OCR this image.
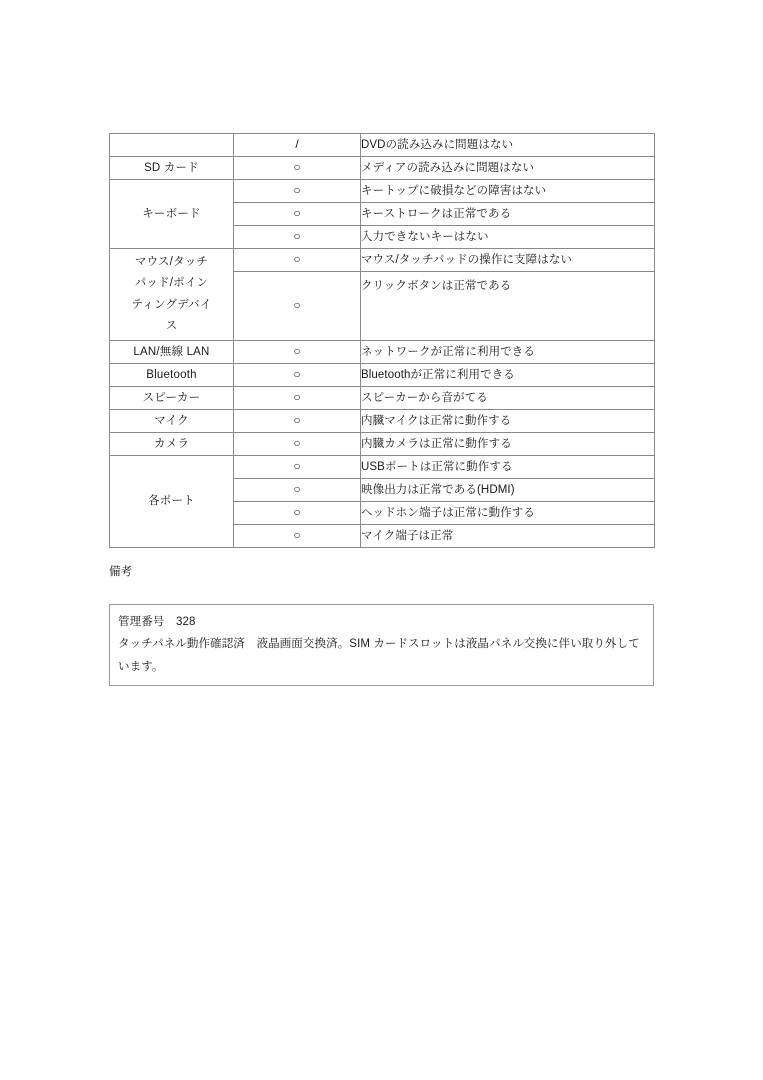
	/	DVDの読み込みに問題はない
SD カード	○	メディアの読み込みに問題はない
キーボード	○	キートップに破損などの障害はない
	○	キーストロークは正常である
	○	入力できないキーはない

マウス/タッチ
パッド/ポイン
ティングデバイ
ス	○	マウス/タッチパッドの操作に支障はない
	○	クリックボタンは正常である
LAN/無線 LAN	○	ネットワークが正常に利用できる
Bluetooth	○	Bluetoothが正常に利用できる
スピーカー	○	スピーカーから音がてる
マイク	○	内臓マイクは正常に動作する
カメラ	○	内臓カメラは正常に動作する
各ポート	○	USBポートは正常に動作する
	○	映像出力は正常である(HDMI)
	○	ヘッドホン端子は正常に動作する
	○	マイク端子は正常
備考
管理番号　328
タッチパネル動作確認済　液晶画面交換済。SIM カードスロットは液晶パネル交換に伴い取り外しています。
